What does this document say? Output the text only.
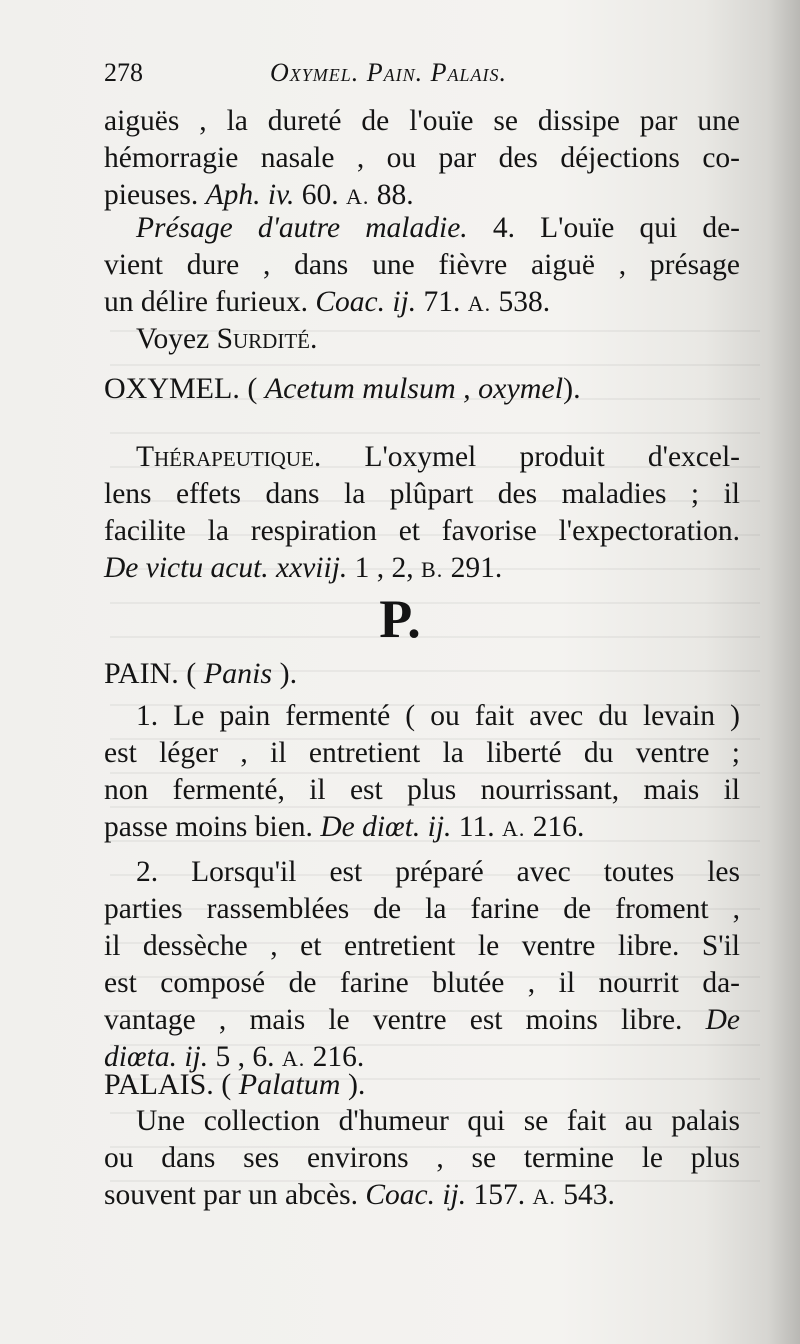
278	Oxymel. Pain. Palais.
aiguës , la dureté de l'ouïe se dissipe par une
hémorragie nasale , ou par des déjections co-
pieuses. Aph. iv. 60. A. 88.
Présage d'autre maladie. 4. L'ouïe qui de-
vient dure , dans une fièvre aiguë , présage
un délire furieux. Coac. ij. 71. A. 538.
Voyez Surdité.
OXYMEL. ( Acetum mulsum , oxymel).
Thérapeutique. L'oxymel produit d'excel-
lens effets dans la plûpart des maladies ; il
facilite la respiration et favorise l'expectoration.
De victu acut. xxviij. 1 , 2, B. 291.
P.
PAIN. ( Panis ).
1. Le pain fermenté ( ou fait avec du levain )
est léger , il entretient la liberté du ventre ;
non fermenté, il est plus nourrissant, mais il
passe moins bien. De diœt. ij. 11. A. 216.
2. Lorsqu'il est préparé avec toutes les
parties rassemblées de la farine de froment ,
il dessèche , et entretient le ventre libre. S'il
est composé de farine blutée , il nourrit da-
vantage , mais le ventre est moins libre. De
diœta. ij. 5 , 6. A. 216.
PALAIS. ( Palatum ).
Une collection d'humeur qui se fait au palais
ou dans ses environs , se termine le plus
souvent par un abcès. Coac. ij. 157. A. 543.
